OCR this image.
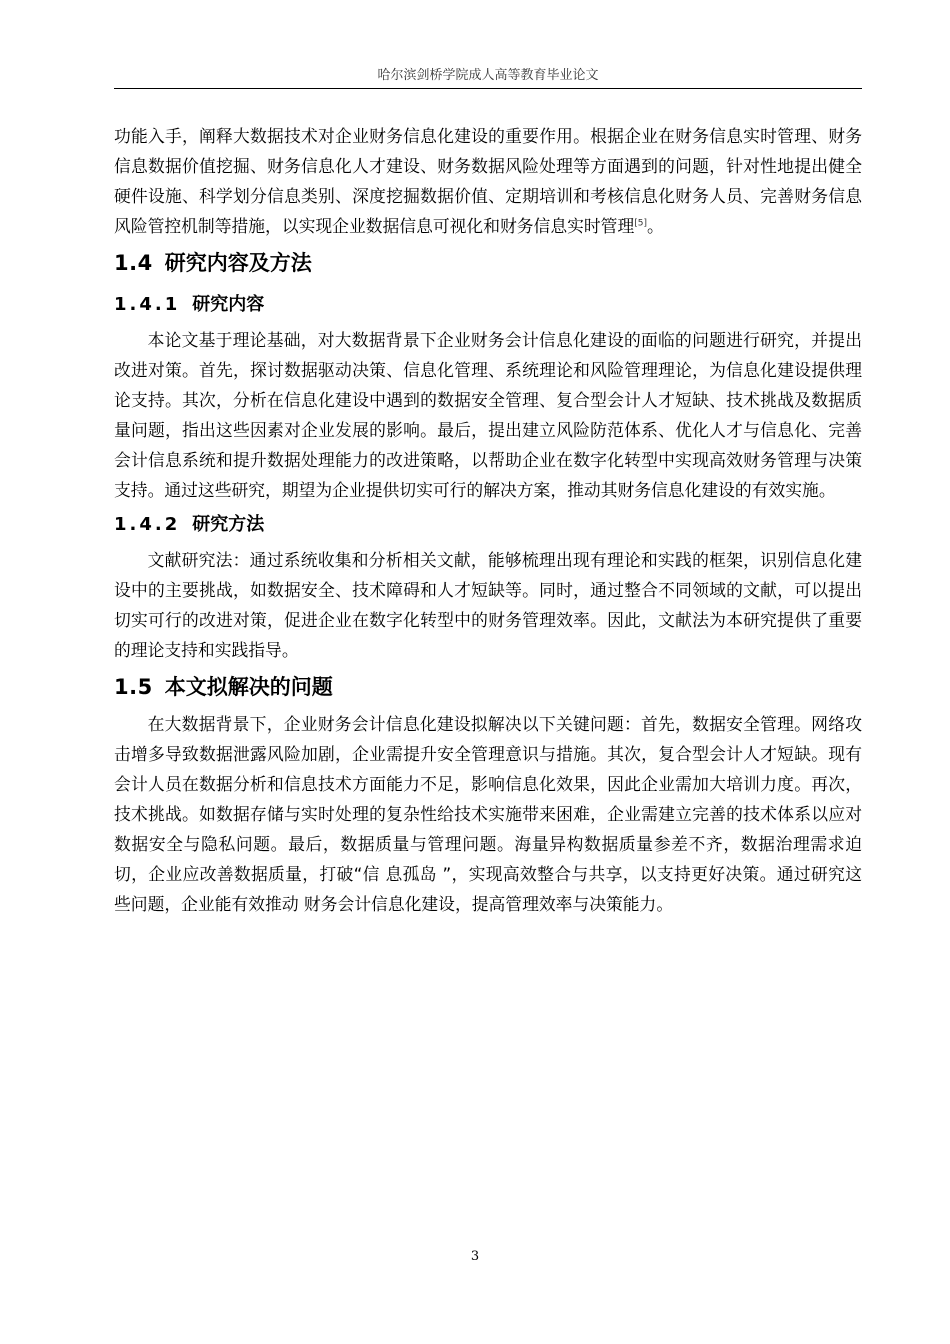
哈尔滨剑桥学院成人高等教育毕业论文

功能入手，阐释大数据技术对企业财务信息化建设的重要作用。根据企业在财务信息实时管理、财务信息数据价值挖掘、财务信息化人才建设、财务数据风险处理等方面遇到的问题，针对性地提出健全硬件设施、科学划分信息类别、深度挖掘数据价值、定期培训和考核信息化财务人员、完善财务信息风险管控机制等措施，以实现企业数据信息可视化和财务信息实时管理[5]。

1.4 研究内容及方法
1.4.1 研究内容

本论文基于理论基础，对大数据背景下企业财务会计信息化建设的面临的问题进行研究，并提出改进对策。首先，探讨数据驱动决策、信息化管理、系统理论和风险管理理论，为信息化建设提供理论支持。其次，分析在信息化建设中遇到的数据安全管理、复合型会计人才短缺、技术挑战及数据质量问题，指出这些因素对企业发展的影响。最后，提出建立风险防范体系、优化人才与信息化、完善会计信息系统和提升数据处理能力的改进策略，以帮助企业在数字化转型中实现高效财务管理与决策支持。通过这些研究，期望为企业提供切实可行的解决方案，推动其财务信息化建设的有效实施。

1.4.2 研究方法

文献研究法：通过系统收集和分析相关文献，能够梳理出现有理论和实践的框架，识别信息化建设中的主要挑战，如数据安全、技术障碍和人才短缺等。同时，通过整合不同领域的文献，可以提出切实可行的改进对策，促进企业在数字化转型中的财务管理效率。因此，文献法为本研究提供了重要的理论支持和实践指导。

1.5 本文拟解决的问题

在大数据背景下，企业财务会计信息化建设拟解决以下关键问题：首先，数据安全管理。网络攻击增多导致数据泄露风险加剧，企业需提升安全管理意识与措施。其次，复合型会计人才短缺。现有会计人员在数据分析和信息技术方面能力不足，影响信息化效果，因此企业需加大培训力度。再次，技术挑战。如数据存储与实时处理的复杂性给技术实施带来困难，企业需建立完善的技术体系以应对数据安全与隐私问题。最后，数据质量与管理问题。海量异构数据质量参差不齐，数据治理需求迫切，企业应改善数据质量，打破“信 息孤岛 ”，实现高效整合与共享，以支持更好决策。通过研究这些问题，企业能有效推动 财务会计信息化建设，提高管理效率与决策能力。

3
